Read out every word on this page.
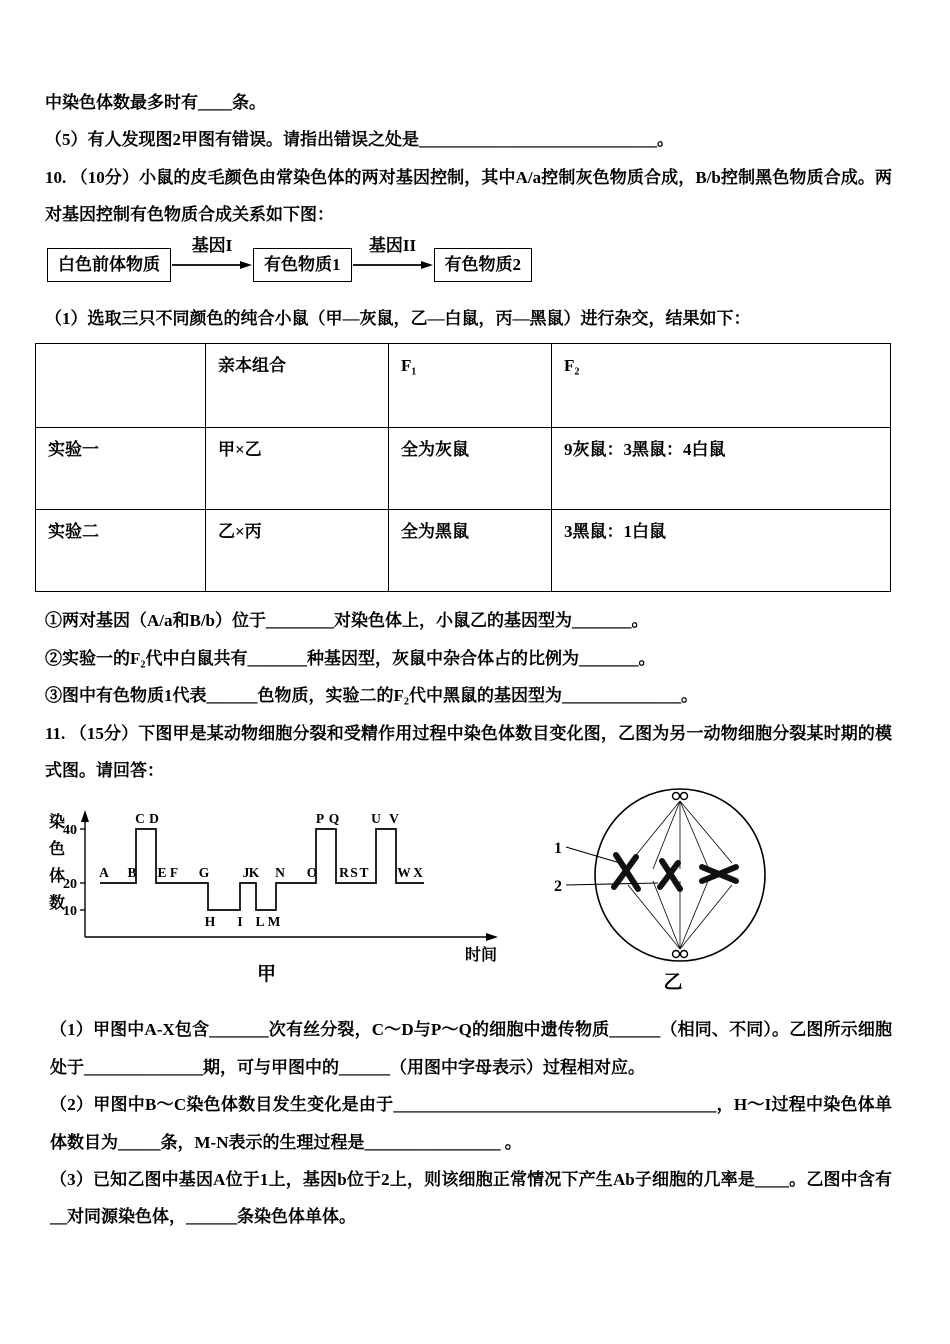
中染色体数最多时有____条。

（5）有人发现图2甲图有错误。请指出错误之处是____________________________。

10. （10分）小鼠的皮毛颜色由常染色体的两对基因控制，其中A/a控制灰色物质合成，B/b控制黑色物质合成。两对基因控制有色物质合成关系如下图：

白色前体物质
基因I
有色物质1
基因II
有色物质2

（1）选取三只不同颜色的纯合小鼠（甲—灰鼠，乙—白鼠，丙—黑鼠）进行杂交，结果如下：

	亲本组合	F₁	F₂
实验一	甲×乙	全为灰鼠	9灰鼠：3黑鼠：4白鼠
实验二	乙×丙	全为黑鼠	3黑鼠：1白鼠

①两对基因（A/a和B/b）位于________对染色体上，小鼠乙的基因型为_______。

②实验一的F₂代中白鼠共有_______种基因型，灰鼠中杂合体占的比例为_______。

③图中有色物质1代表______色物质，实验二的F₂代中黑鼠的基因型为______________。

11. （15分）下图甲是某动物细胞分裂和受精作用过程中染色体数目变化图，乙图为另一动物细胞分裂某时期的模式图。请回答：

40
20
10
染
色
体
数
A B
C D
E F G
H I
J K
L M
N O
P Q
R S T
U V
W X
时间
甲
1
2
乙

（1）甲图中A-X包含_______次有丝分裂，C～D与P～Q的细胞中遗传物质______（相同、不同）。乙图所示细胞处于______________期，可与甲图中的______（用图中字母表示）过程相对应。

（2）甲图中B～C染色体数目发生变化是由于______________________________________，H～I过程中染色体单体数目为_____条，M-N表示的生理过程是________________ 。

（3）已知乙图中基因A位于1上，基因b位于2上，则该细胞正常情况下产生Ab子细胞的几率是____。乙图中含有__对同源染色体，______条染色体单体。
